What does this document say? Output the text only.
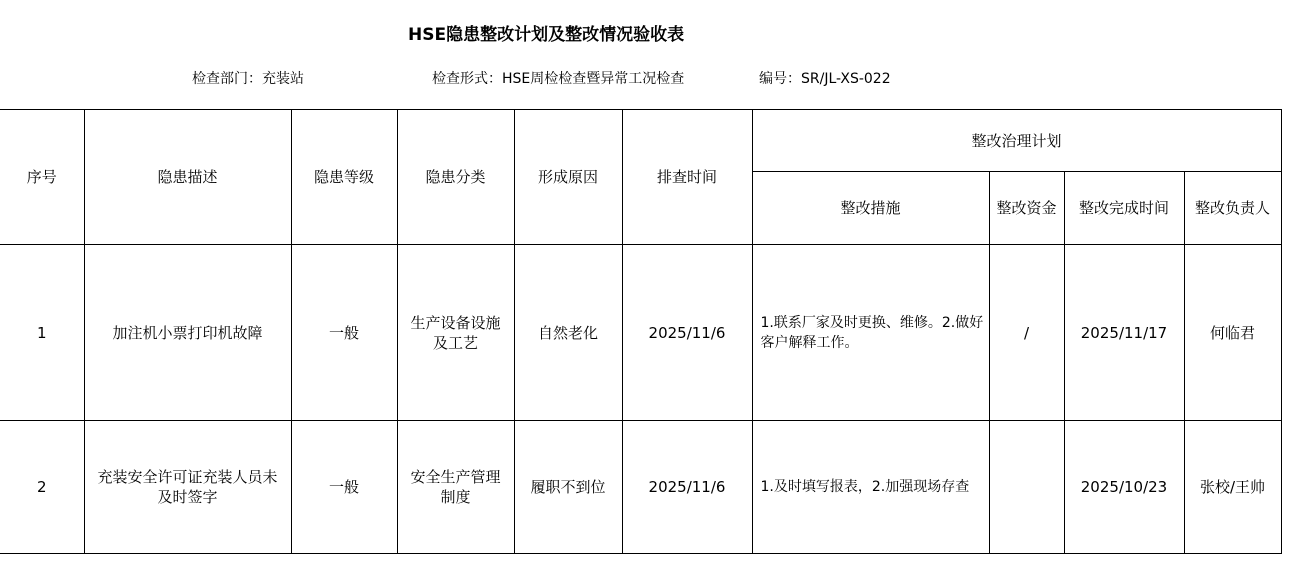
HSE隐患整改计划及整改情况验收表
检查部门：充装站	检查形式：HSE周检检查暨异常工况检查	编号：SR/JL-XS-022
序号	隐患描述	隐患等级	隐患分类	形成原因	排查时间	整改治理计划			
						整改措施	整改资金	整改完成时间	整改负责人
1	加注机小票打印机故障	一般	生产设备设施及工艺	自然老化	2025/11/6	1.联系厂家及时更换、维修。2.做好客户解释工作。	/	2025/11/17	何临君
2	充装安全许可证充装人员未及时签字	一般	安全生产管理制度	履职不到位	2025/11/6	1.及时填写报表，2.加强现场存查		2025/10/23	张校/王帅
